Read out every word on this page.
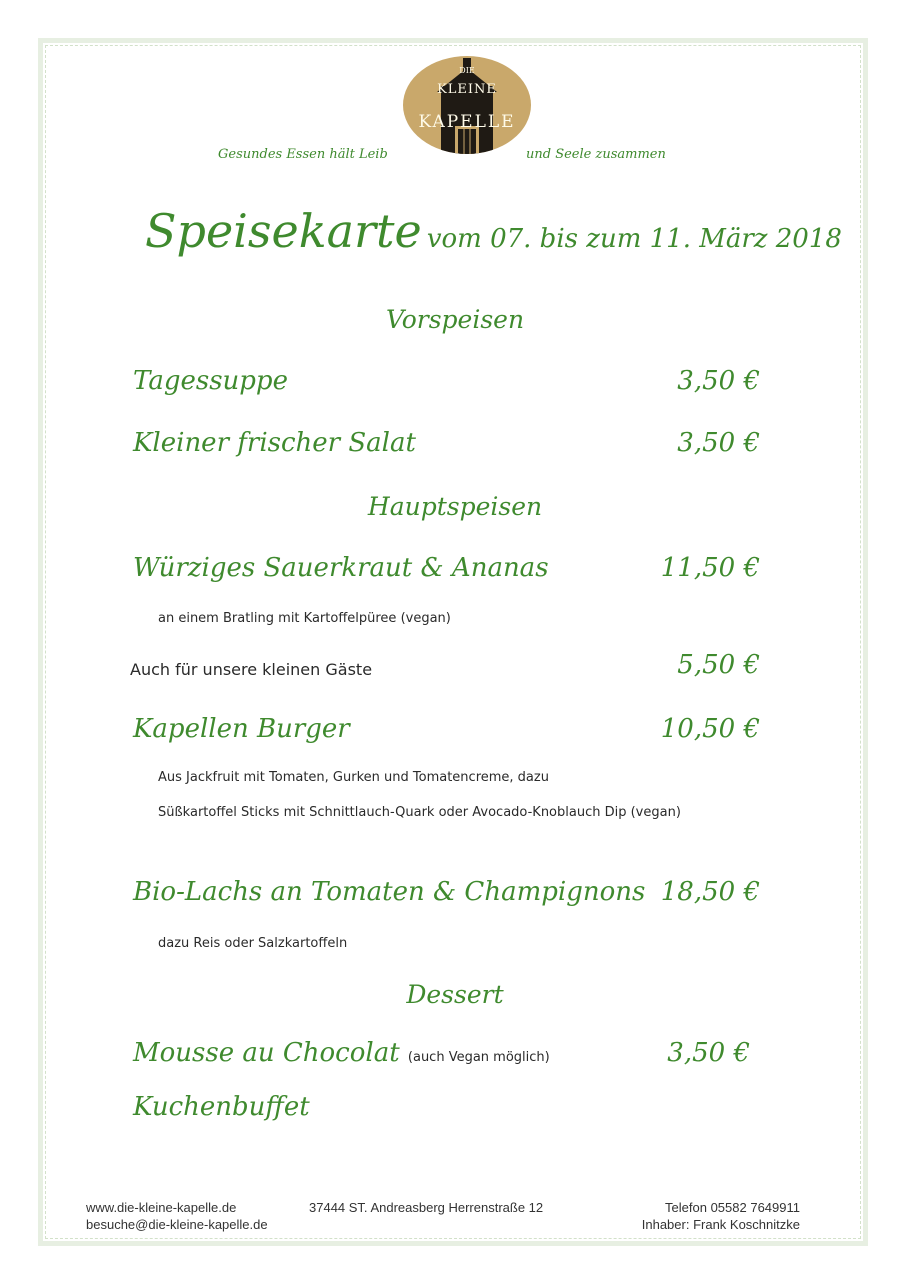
DIE
KLEINE
KAPELLE
Gesundes Essen hält Leib	und Seele zusammen
Speisekarte vom 07. bis zum 11. März 2018
Vorspeisen
Tagessuppe	3,50 €
Kleiner frischer Salat	3,50 €
Hauptspeisen
Würziges Sauerkraut & Ananas	11,50 €
an einem Bratling mit Kartoffelpüree (vegan)
Auch für unsere kleinen Gäste	5,50 €
Kapellen Burger	10,50 €
Aus Jackfruit mit Tomaten, Gurken und Tomatencreme, dazu
Süßkartoffel Sticks mit Schnittlauch-Quark oder Avocado-Knoblauch Dip (vegan)
Bio-Lachs an Tomaten & Champignons 18,50 €
dazu Reis oder Salzkartoffeln
Dessert
Mousse au Chocolat (auch Vegan möglich)	3,50 €
Kuchenbuffet
www.die-kleine-kapelle.de
besuche@die-kleine-kapelle.de
37444 ST. Andreasberg Herrenstraße 12	Telefon 05582 7649911
Inhaber: Frank Koschnitzke
